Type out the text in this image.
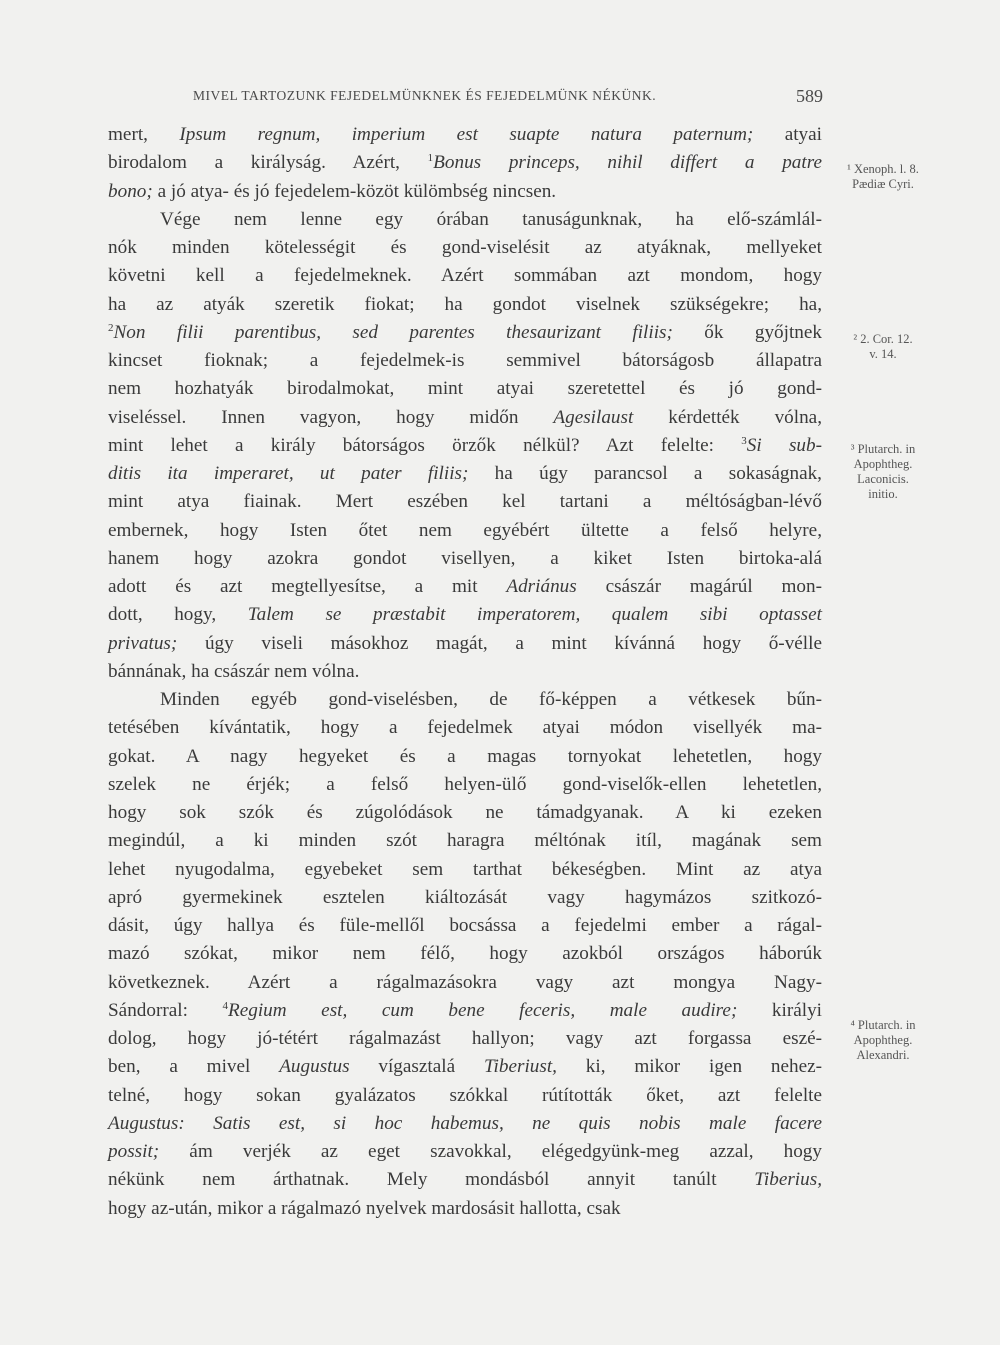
MIVEL TARTOZUNK FEJEDELMÜNKNEK ÉS FEJEDELMÜNK NÉKÜNK.	589
mert, Ipsum regnum, imperium est suapte natura paternum; atyai
birodalom a királyság. Azért, $^1$Bonus princeps, nihil differt a patre
bono; a jó atya- és jó fejedelem-közöt külömbség nincsen.
Vége nem lenne egy órában tanuságunknak, ha elő-számlál-
nók minden kötelességit és gond-viselésit az atyáknak, mellyeket
követni kell a fejedelmeknek. Azért sommában azt mondom, hogy
ha az atyák szeretik fiokat; ha gondot viselnek szükségekre; ha,
$^2$Non filii parentibus, sed parentes thesaurizant filiis; ők győjtnek
kincset fioknak; a fejedelmek-is semmivel bátorságosb állapatra
nem hozhatyák birodalmokat, mint atyai szeretettel és jó gond-
viseléssel. Innen vagyon, hogy midőn Agesilaust kérdették vólna,
mint lehet a király bátorságos örzők nélkül? Azt felelte: $^3$Si sub-
ditis ita imperaret, ut pater filiis; ha úgy parancsol a sokaságnak,
mint atya fiainak. Mert eszében kel tartani a méltóságban-lévő
embernek, hogy Isten őtet nem egyébért ültette a felső helyre,
hanem hogy azokra gondot visellyen, a kiket Isten birtoka-alá
adott és azt megtellyesítse, a mit Adriánus császár magárúl mon-
dott, hogy, Talem se præstabit imperatorem, qualem sibi optasset
privatus; úgy viseli másokhoz magát, a mint kívánná hogy ő-vélle
bánnának, ha császár nem vólna.
Minden egyéb gond-viselésben, de fő-képpen a vétkesek bűn-
tetésében kívántatik, hogy a fejedelmek atyai módon visellyék ma-
gokat. A nagy hegyeket és a magas tornyokat lehetetlen, hogy
szelek ne érjék; a felső helyen-ülő gond-viselők-ellen lehetetlen,
hogy sok szók és zúgolódások ne támadgyanak. A ki ezeken
megindúl, a ki minden szót haragra méltónak itíl, magának sem
lehet nyugodalma, egyebeket sem tarthat békeségben. Mint az atya
apró gyermekinek esztelen kiáltozását vagy hagymázos szitkozó-
dásit, úgy hallya és füle-mellől bocsássa a fejedelmi ember a rágal-
mazó szókat, mikor nem félő, hogy azokból országos háborúk
következnek. Azért a rágalmazásokra vagy azt mongya Nagy-
Sándorral: $^4$Regium est, cum bene feceris, male audire; királyi
dolog, hogy jó-tétért rágalmazást hallyon; vagy azt forgassa eszé-
ben, a mivel Augustus vígasztalá Tiberiust, ki, mikor igen nehez-
telné, hogy sokan gyalázatos szókkal rútították őket, azt felelte
Augustus: Satis est, si hoc habemus, ne quis nobis male facere
possit; ám verjék az eget szavokkal, elégedgyünk-meg azzal, hogy
nékünk nem árthatnak. Mely mondásból annyit tanúlt Tiberius,
hogy az-után, mikor a rágalmazó nyelvek mardosásit hallotta, csak
¹ Xenoph. l. 8.
Pædiæ Cyri.
² 2. Cor. 12.
v. 14.
³ Plutarch. in
Apophtheg.
Laconicis.
initio.
⁴ Plutarch. in
Apophtheg.
Alexandri.
